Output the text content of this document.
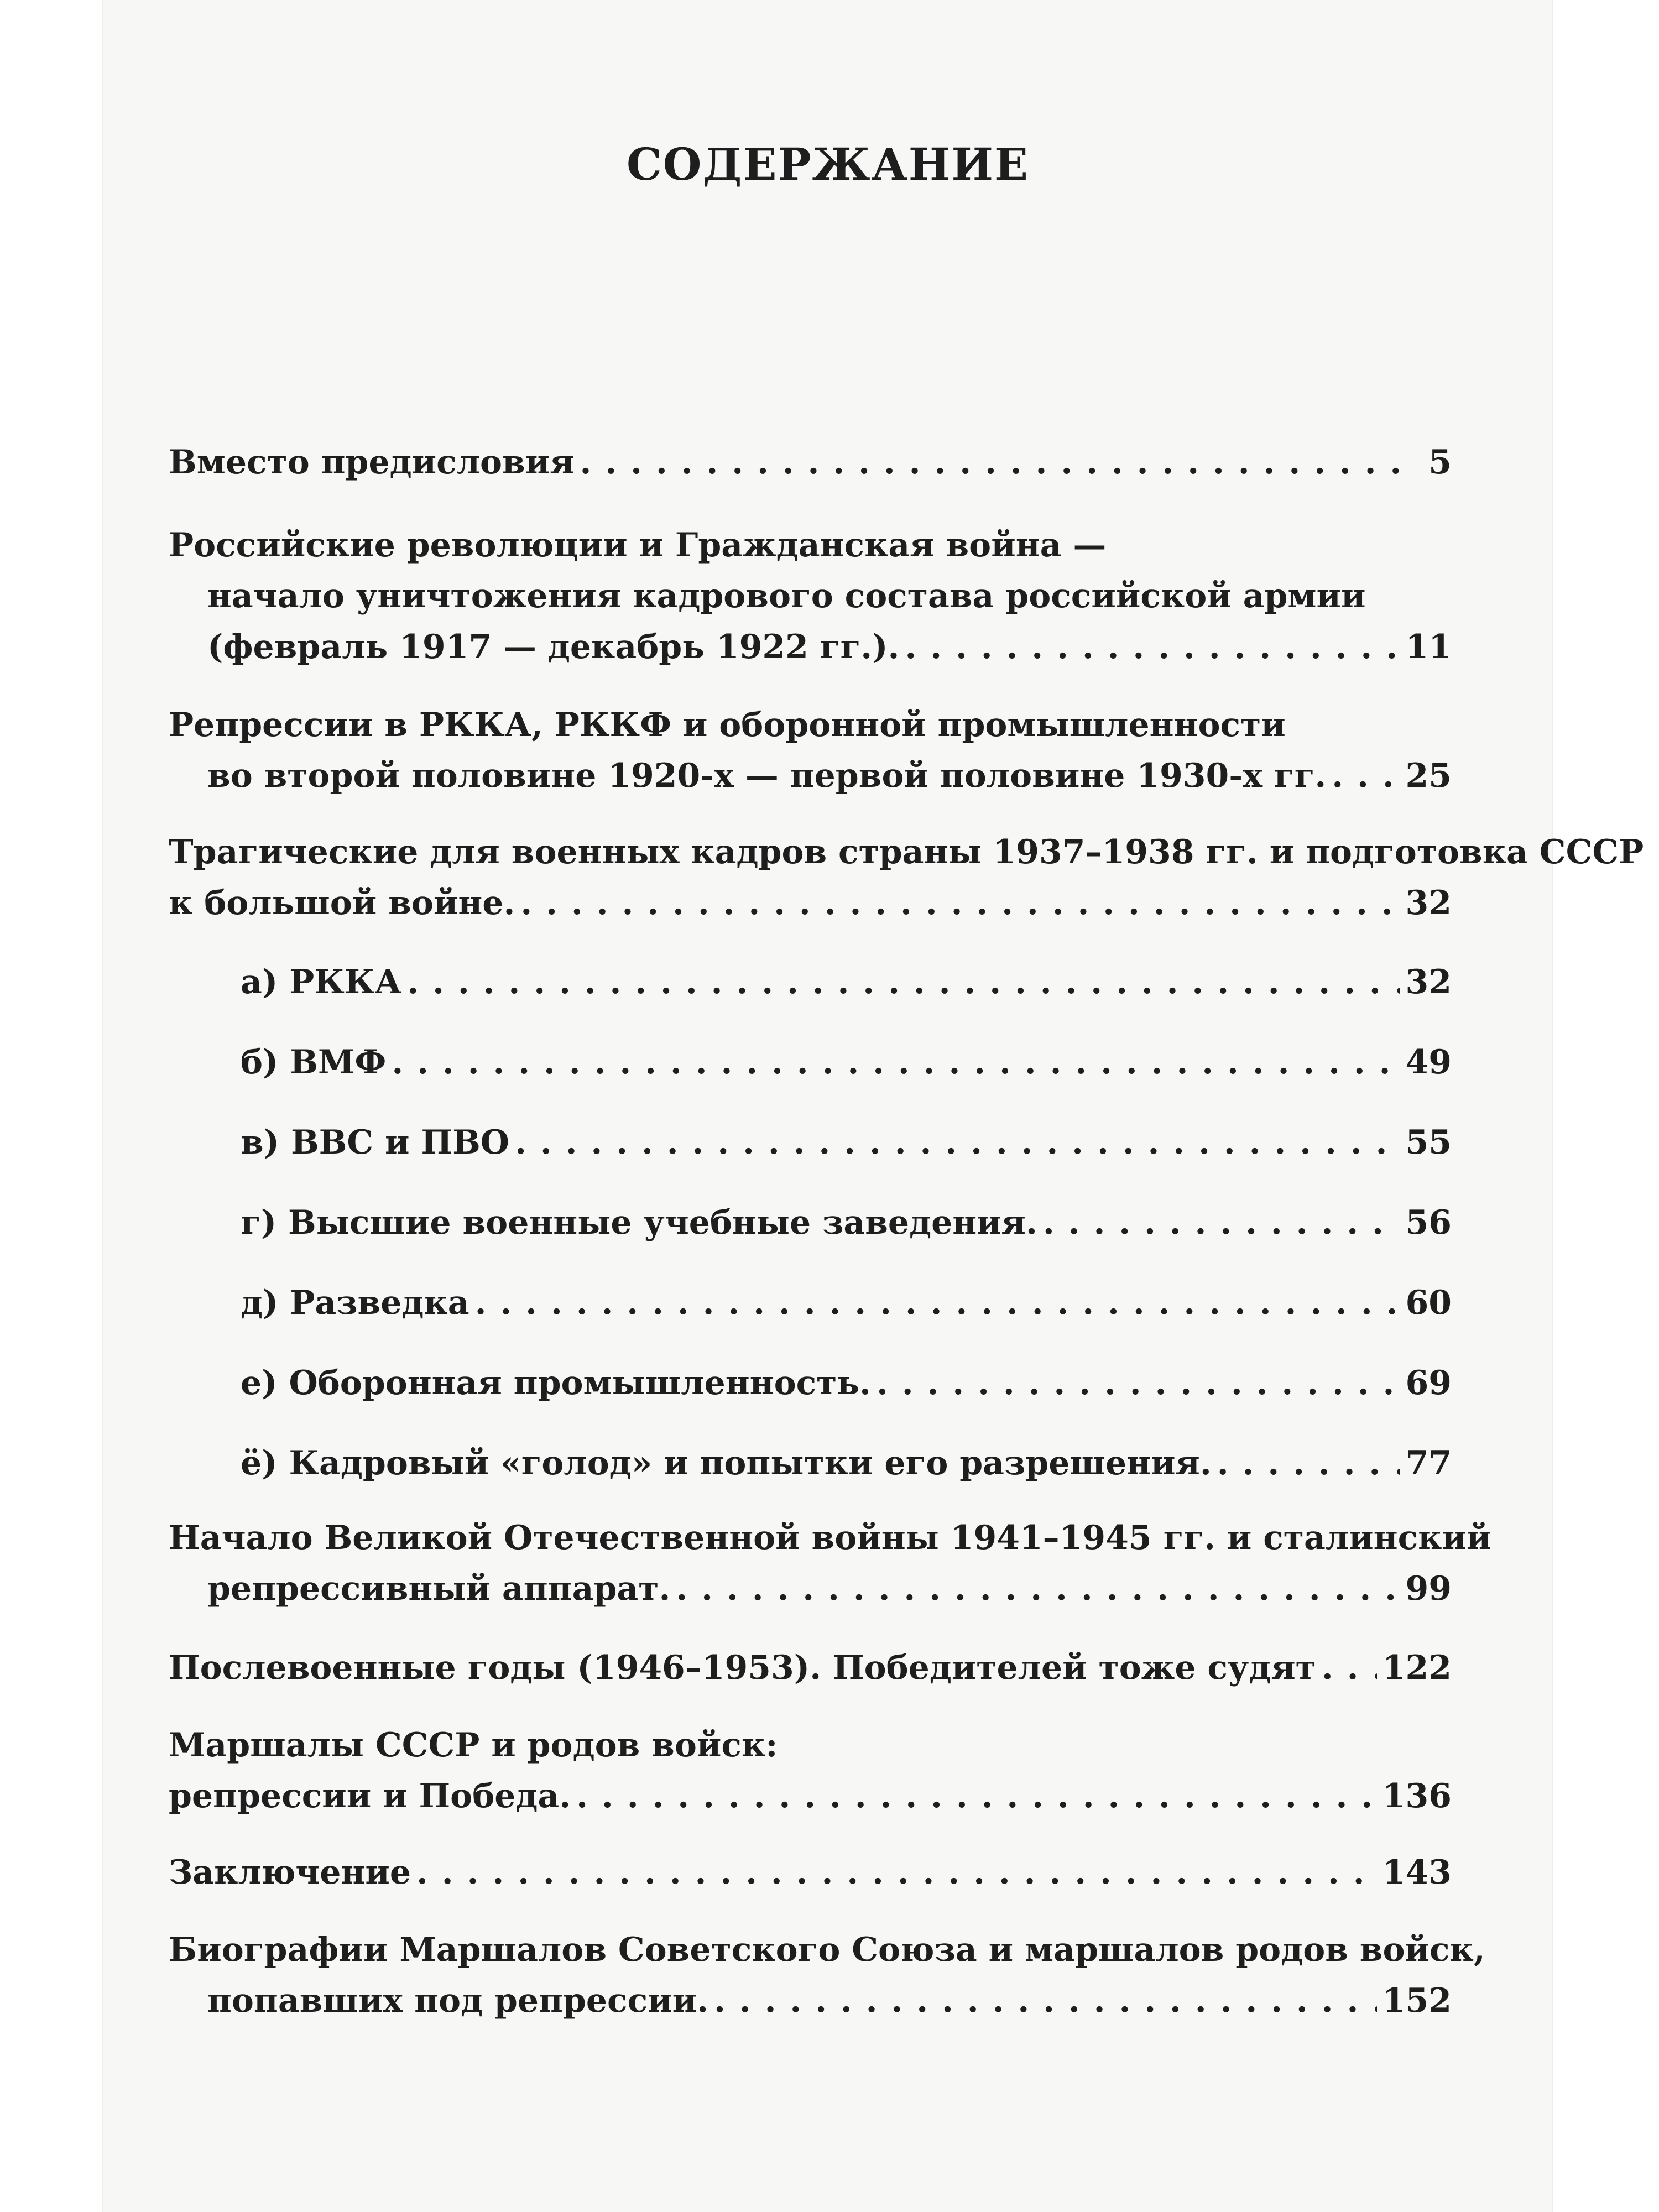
СОДЕРЖАНИЕ
Вместо предисловия . . .	5
Российские революции и Гражданская война —
начало уничтожения кадрового состава российской армии
(февраль 1917 — декабрь 1922 гг.). . . .	11
Репрессии в РККА, РККФ и оборонной промышленности
во второй половине 1920-х — первой половине 1930-х гг. . . . 25
Трагические для военных кадров страны 1937–1938 гг. и подготовка СССР
к большой войне. . . .	32
а) РККА . . .	32
б) ВМФ . . .	49
в) ВВС и ПВО . . .	55
г) Высшие военные учебные заведения. . . .	56
д) Разведка . . .	60
е) Оборонная промышленность. . . .	69
ё) Кадровый «голод» и попытки его разрешения. . . .	77
Начало Великой Отечественной войны 1941–1945 гг. и сталинский
репрессивный аппарат. . . .	99
Послевоенные годы (1946–1953). Победителей тоже судят . . . 122
Маршалы СССР и родов войск:
репрессии и Победа. . . .	136
Заключение . . .	143
Биографии Маршалов Советского Союза и маршалов родов войск,
попавших под репрессии. . . .	152
